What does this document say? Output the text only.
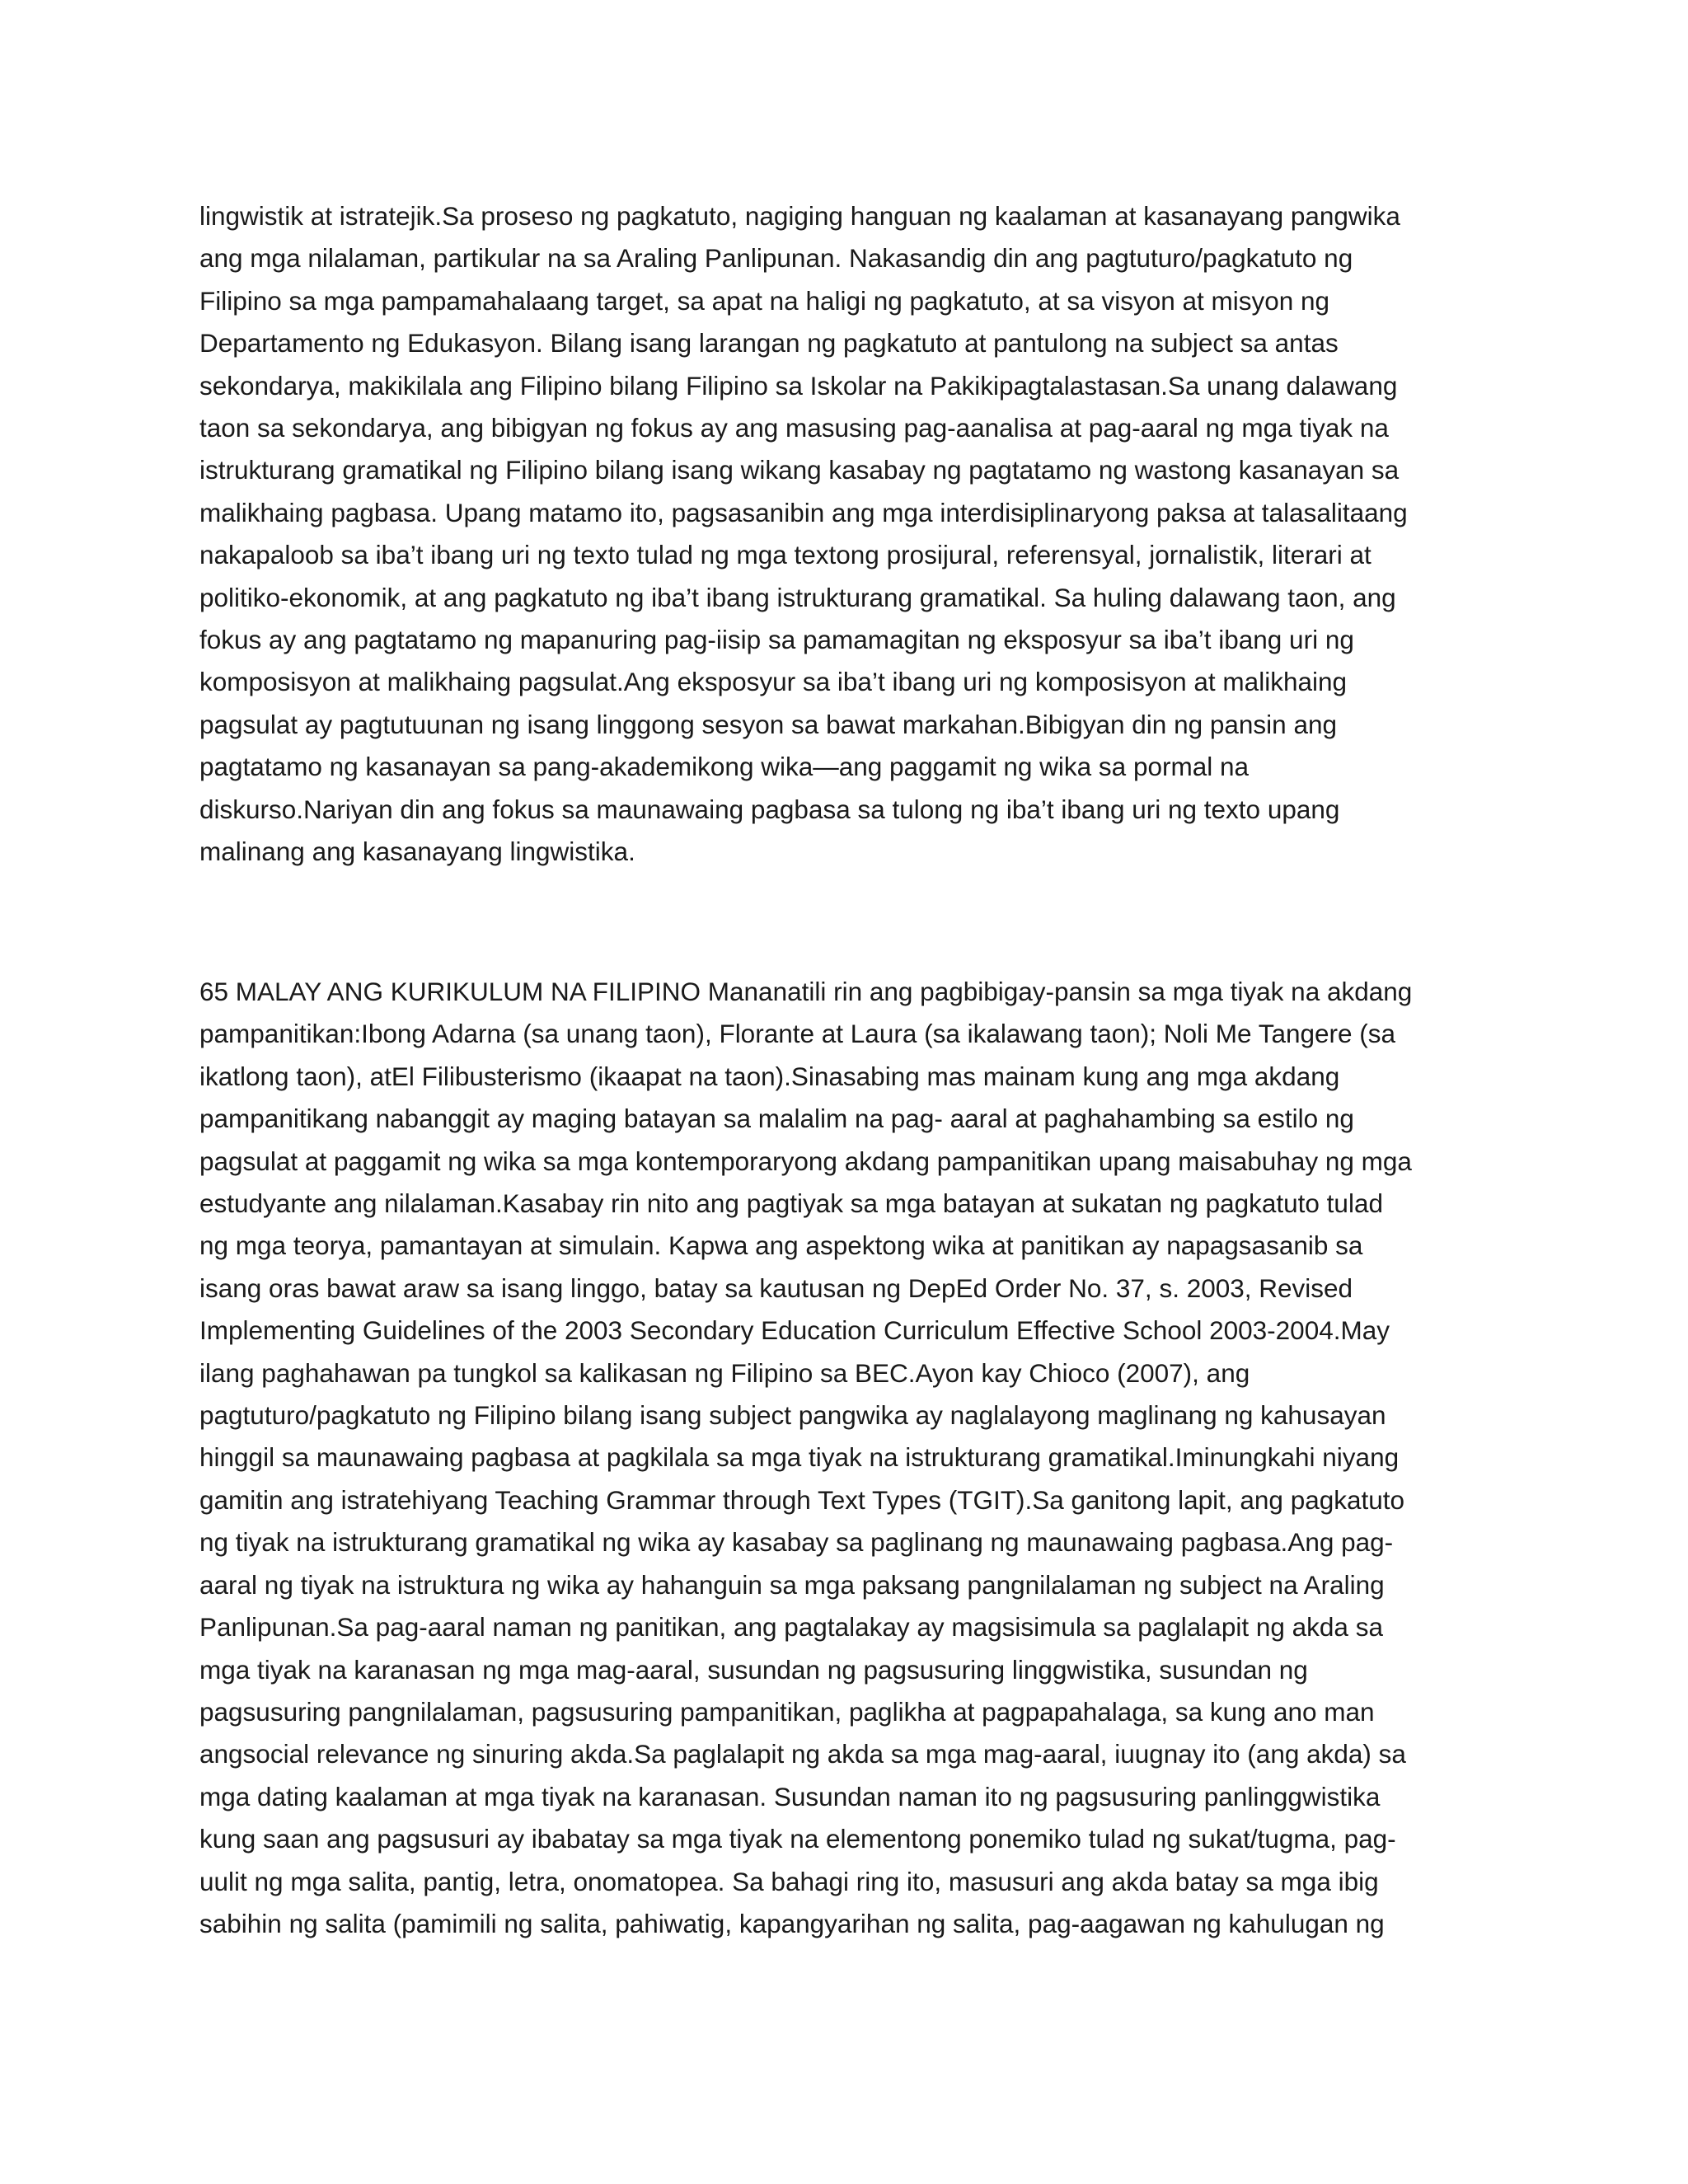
lingwistik at istratejik.Sa proseso ng pagkatuto, nagiging hanguan ng kaalaman at kasanayang pangwika
ang mga nilalaman, partikular na sa Araling Panlipunan. Nakasandig din ang pagtuturo/pagkatuto ng
Filipino sa mga pampamahalaang target, sa apat na haligi ng pagkatuto, at sa visyon at misyon ng
Departamento ng Edukasyon. Bilang isang larangan ng pagkatuto at pantulong na subject sa antas
sekondarya, makikilala ang Filipino bilang Filipino sa Iskolar na Pakikipagtalastasan.Sa unang dalawang
taon sa sekondarya, ang bibigyan ng fokus ay ang masusing pag-aanalisa at pag-aaral ng mga tiyak na
istrukturang gramatikal ng Filipino bilang isang wikang kasabay ng pagtatamo ng wastong kasanayan sa
malikhaing pagbasa. Upang matamo ito, pagsasanibin ang mga interdisiplinaryong paksa at talasalitaang
nakapaloob sa iba’t ibang uri ng texto tulad ng mga textong prosijural, referensyal, jornalistik, literari at
politiko-ekonomik, at ang pagkatuto ng iba’t ibang istrukturang gramatikal. Sa huling dalawang taon, ang
fokus ay ang pagtatamo ng mapanuring pag-iisip sa pamamagitan ng eksposyur sa iba’t ibang uri ng
komposisyon at malikhaing pagsulat.Ang eksposyur sa iba’t ibang uri ng komposisyon at malikhaing
pagsulat ay pagtutuunan ng isang linggong sesyon sa bawat markahan.Bibigyan din ng pansin ang
pagtatamo ng kasanayan sa pang-akademikong wika—ang paggamit ng wika sa pormal na
diskurso.Nariyan din ang fokus sa maunawaing pagbasa sa tulong ng iba’t ibang uri ng texto upang
malinang ang kasanayang lingwistika.

65 MALAY ANG KURIKULUM NA FILIPINO Mananatili rin ang pagbibigay-pansin sa mga tiyak na akdang
pampanitikan:Ibong Adarna (sa unang taon), Florante at Laura (sa ikalawang taon); Noli Me Tangere (sa
ikatlong taon), atEl Filibusterismo (ikaapat na taon).Sinasabing mas mainam kung ang mga akdang
pampanitikang nabanggit ay maging batayan sa malalim na pag- aaral at paghahambing sa estilo ng
pagsulat at paggamit ng wika sa mga kontemporaryong akdang pampanitikan upang maisabuhay ng mga
estudyante ang nilalaman.Kasabay rin nito ang pagtiyak sa mga batayan at sukatan ng pagkatuto tulad
ng mga teorya, pamantayan at simulain. Kapwa ang aspektong wika at panitikan ay napagsasanib sa
isang oras bawat araw sa isang linggo, batay sa kautusan ng DepEd Order No. 37, s. 2003, Revised
Implementing Guidelines of the 2003 Secondary Education Curriculum Effective School 2003-2004.May
ilang paghahawan pa tungkol sa kalikasan ng Filipino sa BEC.Ayon kay Chioco (2007), ang
pagtuturo/pagkatuto ng Filipino bilang isang subject pangwika ay naglalayong maglinang ng kahusayan
hinggil sa maunawaing pagbasa at pagkilala sa mga tiyak na istrukturang gramatikal.Iminungkahi niyang
gamitin ang istratehiyang Teaching Grammar through Text Types (TGIT).Sa ganitong lapit, ang pagkatuto
ng tiyak na istrukturang gramatikal ng wika ay kasabay sa paglinang ng maunawaing pagbasa.Ang pag-
aaral ng tiyak na istruktura ng wika ay hahanguin sa mga paksang pangnilalaman ng subject na Araling
Panlipunan.Sa pag-aaral naman ng panitikan, ang pagtalakay ay magsisimula sa paglalapit ng akda sa
mga tiyak na karanasan ng mga mag-aaral, susundan ng pagsusuring linggwistika, susundan ng
pagsusuring pangnilalaman, pagsusuring pampanitikan, paglikha at pagpapahalaga, sa kung ano man
angsocial relevance ng sinuring akda.Sa paglalapit ng akda sa mga mag-aaral, iuugnay ito (ang akda) sa
mga dating kaalaman at mga tiyak na karanasan. Susundan naman ito ng pagsusuring panlinggwistika
kung saan ang pagsusuri ay ibabatay sa mga tiyak na elementong ponemiko tulad ng sukat/tugma, pag-
uulit ng mga salita, pantig, letra, onomatopea. Sa bahagi ring ito, masusuri ang akda batay sa mga ibig
sabihin ng salita (pamimili ng salita, pahiwatig, kapangyarihan ng salita, pag-aagawan ng kahulugan ng
